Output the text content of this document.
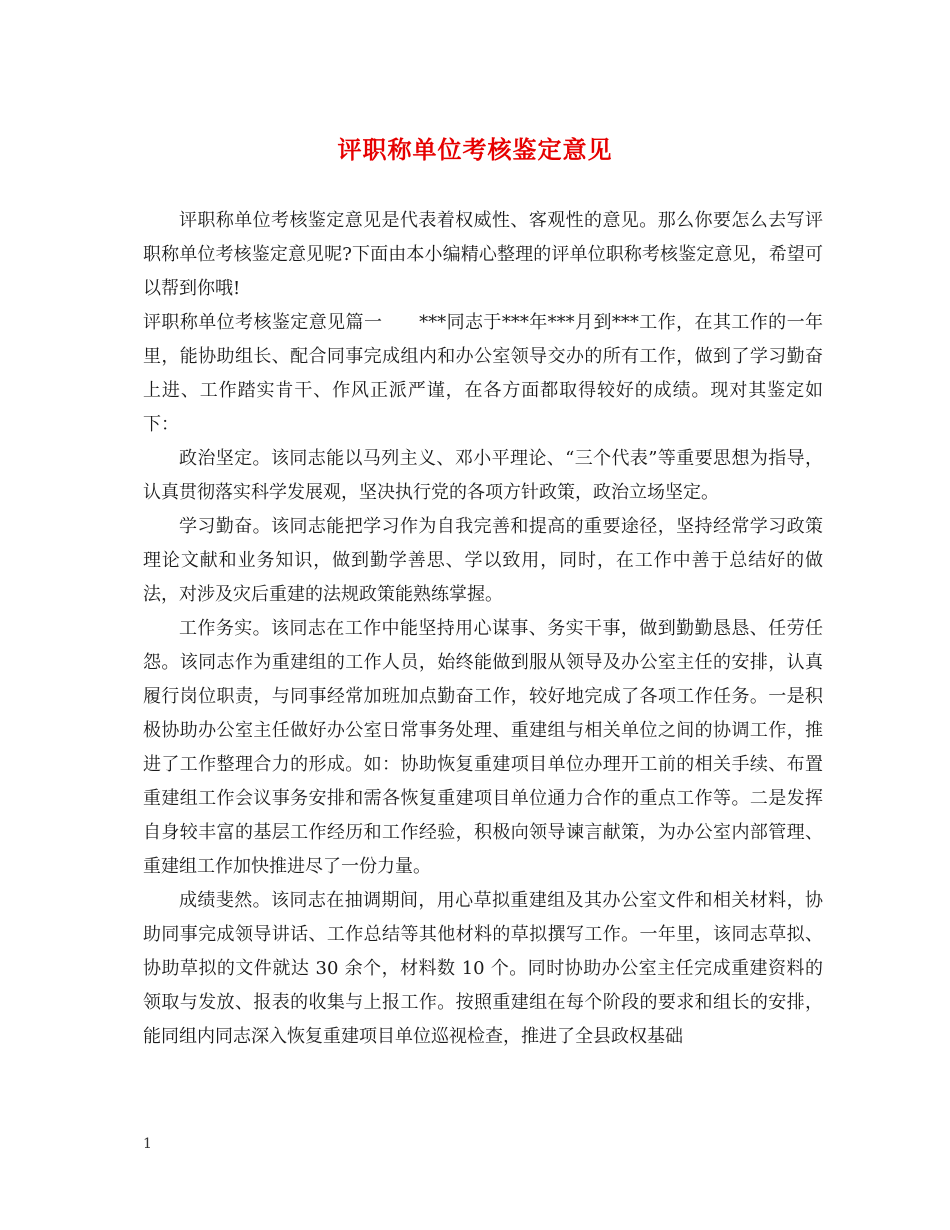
评职称单位考核鉴定意见

评职称单位考核鉴定意见是代表着权威性、客观性的意见。那么你要怎么去写评职称单位考核鉴定意见呢?下面由本小编精心整理的评单位职称考核鉴定意见，希望可以帮到你哦!

评职称单位考核鉴定意见篇一　　***同志于***年***月到***工作，在其工作的一年里，能协助组长、配合同事完成组内和办公室领导交办的所有工作，做到了学习勤奋上进、工作踏实肯干、作风正派严谨，在各方面都取得较好的成绩。现对其鉴定如下：

政治坚定。该同志能以马列主义、邓小平理论、“三个代表”等重要思想为指导，认真贯彻落实科学发展观，坚决执行党的各项方针政策，政治立场坚定。

学习勤奋。该同志能把学习作为自我完善和提高的重要途径，坚持经常学习政策理论文献和业务知识，做到勤学善思、学以致用，同时，在工作中善于总结好的做法，对涉及灾后重建的法规政策能熟练掌握。

工作务实。该同志在工作中能坚持用心谋事、务实干事，做到勤勤恳恳、任劳任怨。该同志作为重建组的工作人员，始终能做到服从领导及办公室主任的安排，认真履行岗位职责，与同事经常加班加点勤奋工作，较好地完成了各项工作任务。一是积极协助办公室主任做好办公室日常事务处理、重建组与相关单位之间的协调工作，推进了工作整理合力的形成。如：协助恢复重建项目单位办理开工前的相关手续、布置重建组工作会议事务安排和需各恢复重建项目单位通力合作的重点工作等。二是发挥自身较丰富的基层工作经历和工作经验，积极向领导谏言献策，为办公室内部管理、重建组工作加快推进尽了一份力量。

成绩斐然。该同志在抽调期间，用心草拟重建组及其办公室文件和相关材料，协助同事完成领导讲话、工作总结等其他材料的草拟撰写工作。一年里，该同志草拟、协助草拟的文件就达 30 余个，材料数 10 个。同时协助办公室主任完成重建资料的领取与发放、报表的收集与上报工作。按照重建组在每个阶段的要求和组长的安排，能同组内同志深入恢复重建项目单位巡视检查，推进了全县政权基础

1
